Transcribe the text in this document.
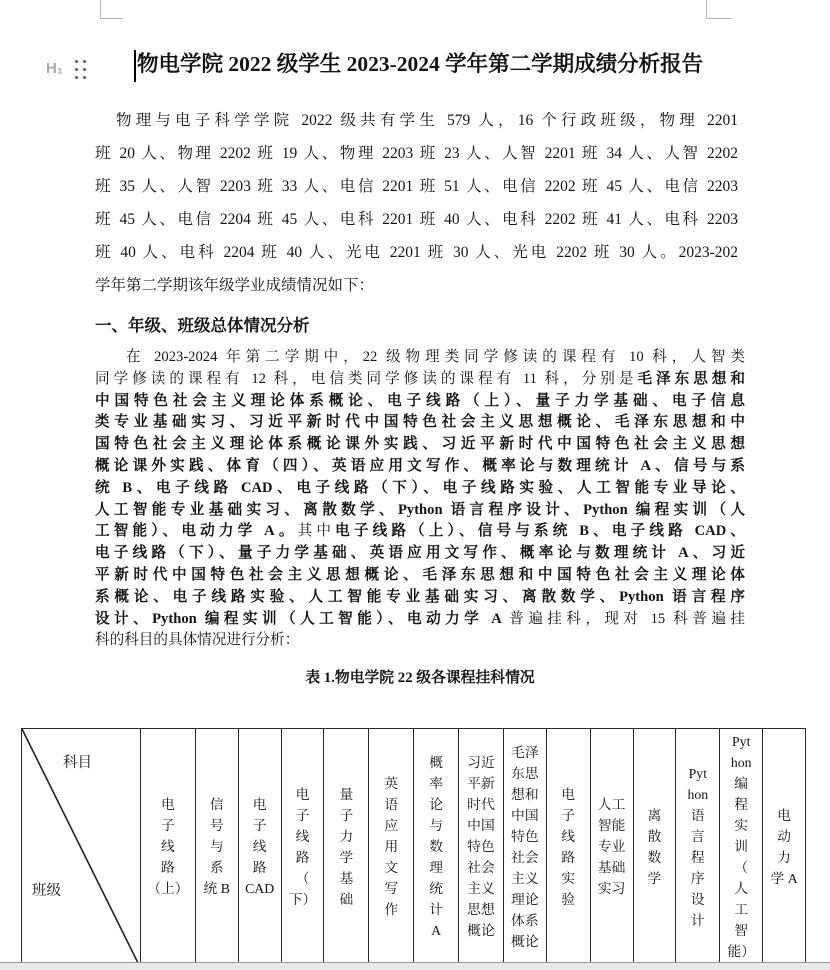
H₁	物电学院 2022 级学生 2023-2024 学年第二学期成绩分析报告
物理与电子科学学院 2022 级共有学生 579 人，16 个行政班级，物理 2201
班 20 人、物理 2202 班 19 人、物理 2203 班 23 人、人智 2201 班 34 人、人智 2202
班 35 人、人智 2203 班 33 人、电信 2201 班 51 人、电信 2202 班 45 人、电信 2203
班 45 人、电信 2204 班 45 人、电科 2201 班 40 人、电科 2202 班 41 人、电科 2203
班 40 人、电科 2204 班 40 人、光电 2201 班 30 人、光电 2202 班 30 人。2023-202
学年第二学期该年级学业成绩情况如下：
一、年级、班级总体情况分析
在 2023-2024 年第二学期中，22 级物理类同学修读的课程有 10 科，人智类
同学修读的课程有 12 科，电信类同学修读的课程有 11 科，分别是毛泽东思想和
中国特色社会主义理论体系概论、电子线路（上）、量子力学基础、电子信息
类专业基础实习、习近平新时代中国特色社会主义思想概论、毛泽东思想和中
国特色社会主义理论体系概论课外实践、习近平新时代中国特色社会主义思想
概论课外实践、体育（四）、英语应用文写作、概率论与数理统计 A、信号与系
统 B、电子线路 CAD、电子线路（下）、电子线路实验、人工智能专业导论、
人工智能专业基础实习、离散数学、Python 语言程序设计、Python 编程实训（人
工智能）、电动力学 A。其中电子线路（上）、信号与系统 B、电子线路 CAD、
电子线路（下）、量子力学基础、英语应用文写作、概率论与数理统计 A、习近
平新时代中国特色社会主义思想概论、毛泽东思想和中国特色社会主义理论体
系概论、电子线路实验、人工智能专业基础实习、离散数学、Python 语言程序
设计、Python 编程实训（人工智能）、电动力学 A 普遍挂科，现对 15 科普遍挂
科的科目的具体情况进行分析：
表 1.物电学院 22 级各课程挂科情况
科目
班级
电
子
线
路
（上）
信
号
与
系
统 B
电
子
线
路
CAD
电
子
线
路
（
下）
量
子
力
学
基
础
英
语
应
用
文
写
作
概
率
论
与
数
理
统
计
A
习近
平新
时代
中国
特色
社会
主义
思想
概论
毛泽
东思
想和
中国
特色
社会
主义
理论
体系
概论
电
子
线
路
实
验
人工
智能
专业
基础
实习
离
散
数
学
Pyt
hon
语
言
程
序
设
计
Pyt
hon
编
程
实
训
（
人
工
智
能）
电
动
力
学 A
